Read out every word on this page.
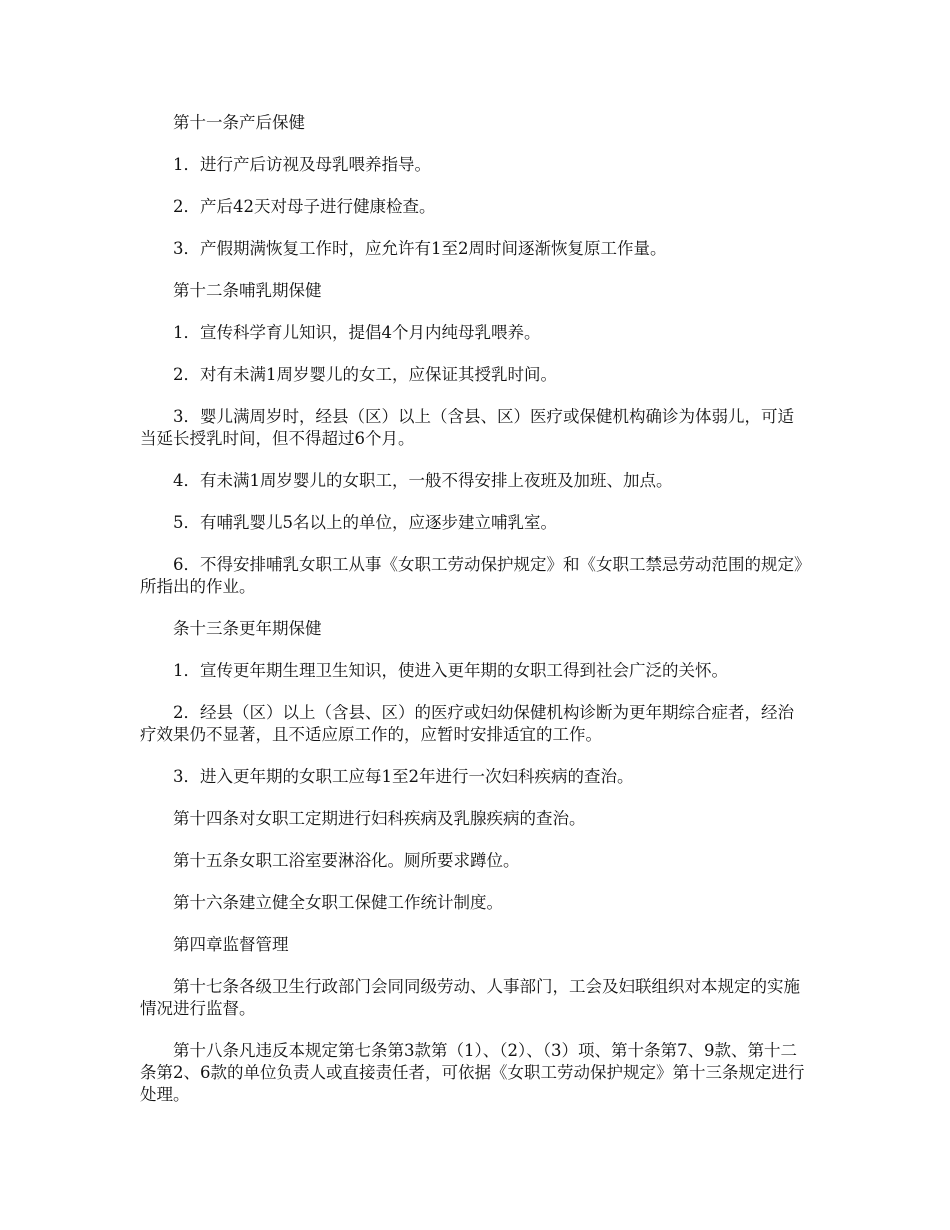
第十一条产后保健

1．进行产后访视及母乳喂养指导。

2．产后42天对母子进行健康检查。

3．产假期满恢复工作时，应允许有1至2周时间逐渐恢复原工作量。

第十二条哺乳期保健

1．宣传科学育儿知识，提倡4个月内纯母乳喂养。

2．对有未满1周岁婴儿的女工，应保证其授乳时间。

3．婴儿满周岁时，经县（区）以上（含县、区）医疗或保健机构确诊为体弱儿，可适当延长授乳时间，但不得超过6个月。

4．有未满1周岁婴儿的女职工，一般不得安排上夜班及加班、加点。

5．有哺乳婴儿5名以上的单位，应逐步建立哺乳室。

6．不得安排哺乳女职工从事《女职工劳动保护规定》和《女职工禁忌劳动范围的规定》所指出的作业。

条十三条更年期保健

1．宣传更年期生理卫生知识，使进入更年期的女职工得到社会广泛的关怀。

2．经县（区）以上（含县、区）的医疗或妇幼保健机构诊断为更年期综合症者，经治疗效果仍不显著，且不适应原工作的，应暂时安排适宜的工作。

3．进入更年期的女职工应每1至2年进行一次妇科疾病的查治。

第十四条对女职工定期进行妇科疾病及乳腺疾病的查治。

第十五条女职工浴室要淋浴化。厕所要求蹲位。

第十六条建立健全女职工保健工作统计制度。

第四章监督管理

第十七条各级卫生行政部门会同同级劳动、人事部门，工会及妇联组织对本规定的实施情况进行监督。

第十八条凡违反本规定第七条第3款第（1）、（2）、（3）项、第十条第7、9款、第十二条第2、6款的单位负责人或直接责任者，可依据《女职工劳动保护规定》第十三条规定进行处理。
